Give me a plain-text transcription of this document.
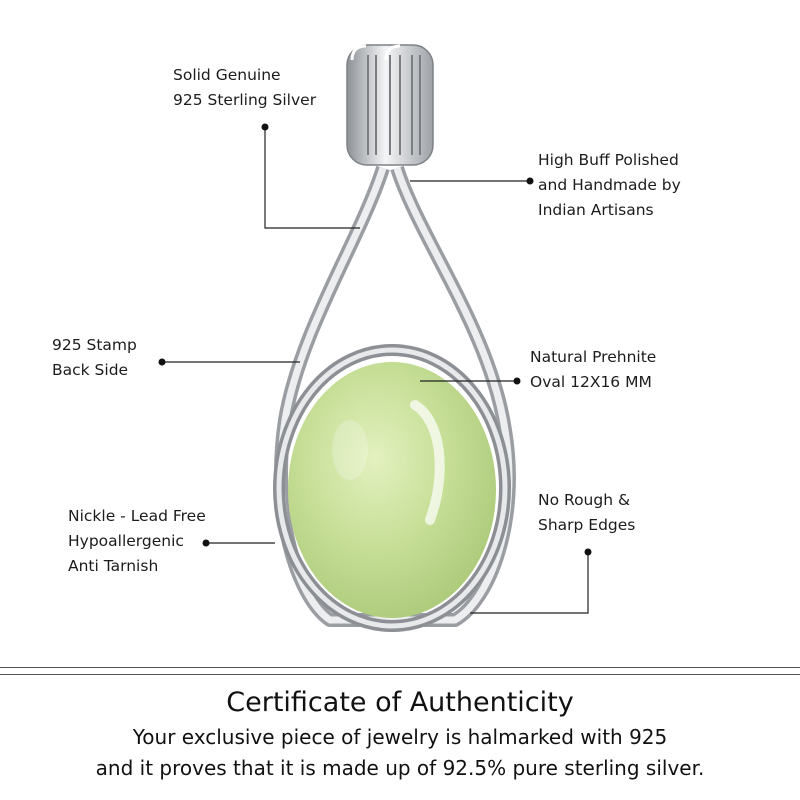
Solid Genuine
925 Sterling Silver
High Buff Polished
and Handmade by
Indian Artisans
925 Stamp
Back Side
Natural Prehnite
Oval 12X16 MM
No Rough &
Sharp Edges
Nickle - Lead Free
Hypoallergenic
Anti Tarnish
Certificate of Authenticity
Your exclusive piece of jewelry is halmarked with 925
and it proves that it is made up of 92.5% pure sterling silver.
